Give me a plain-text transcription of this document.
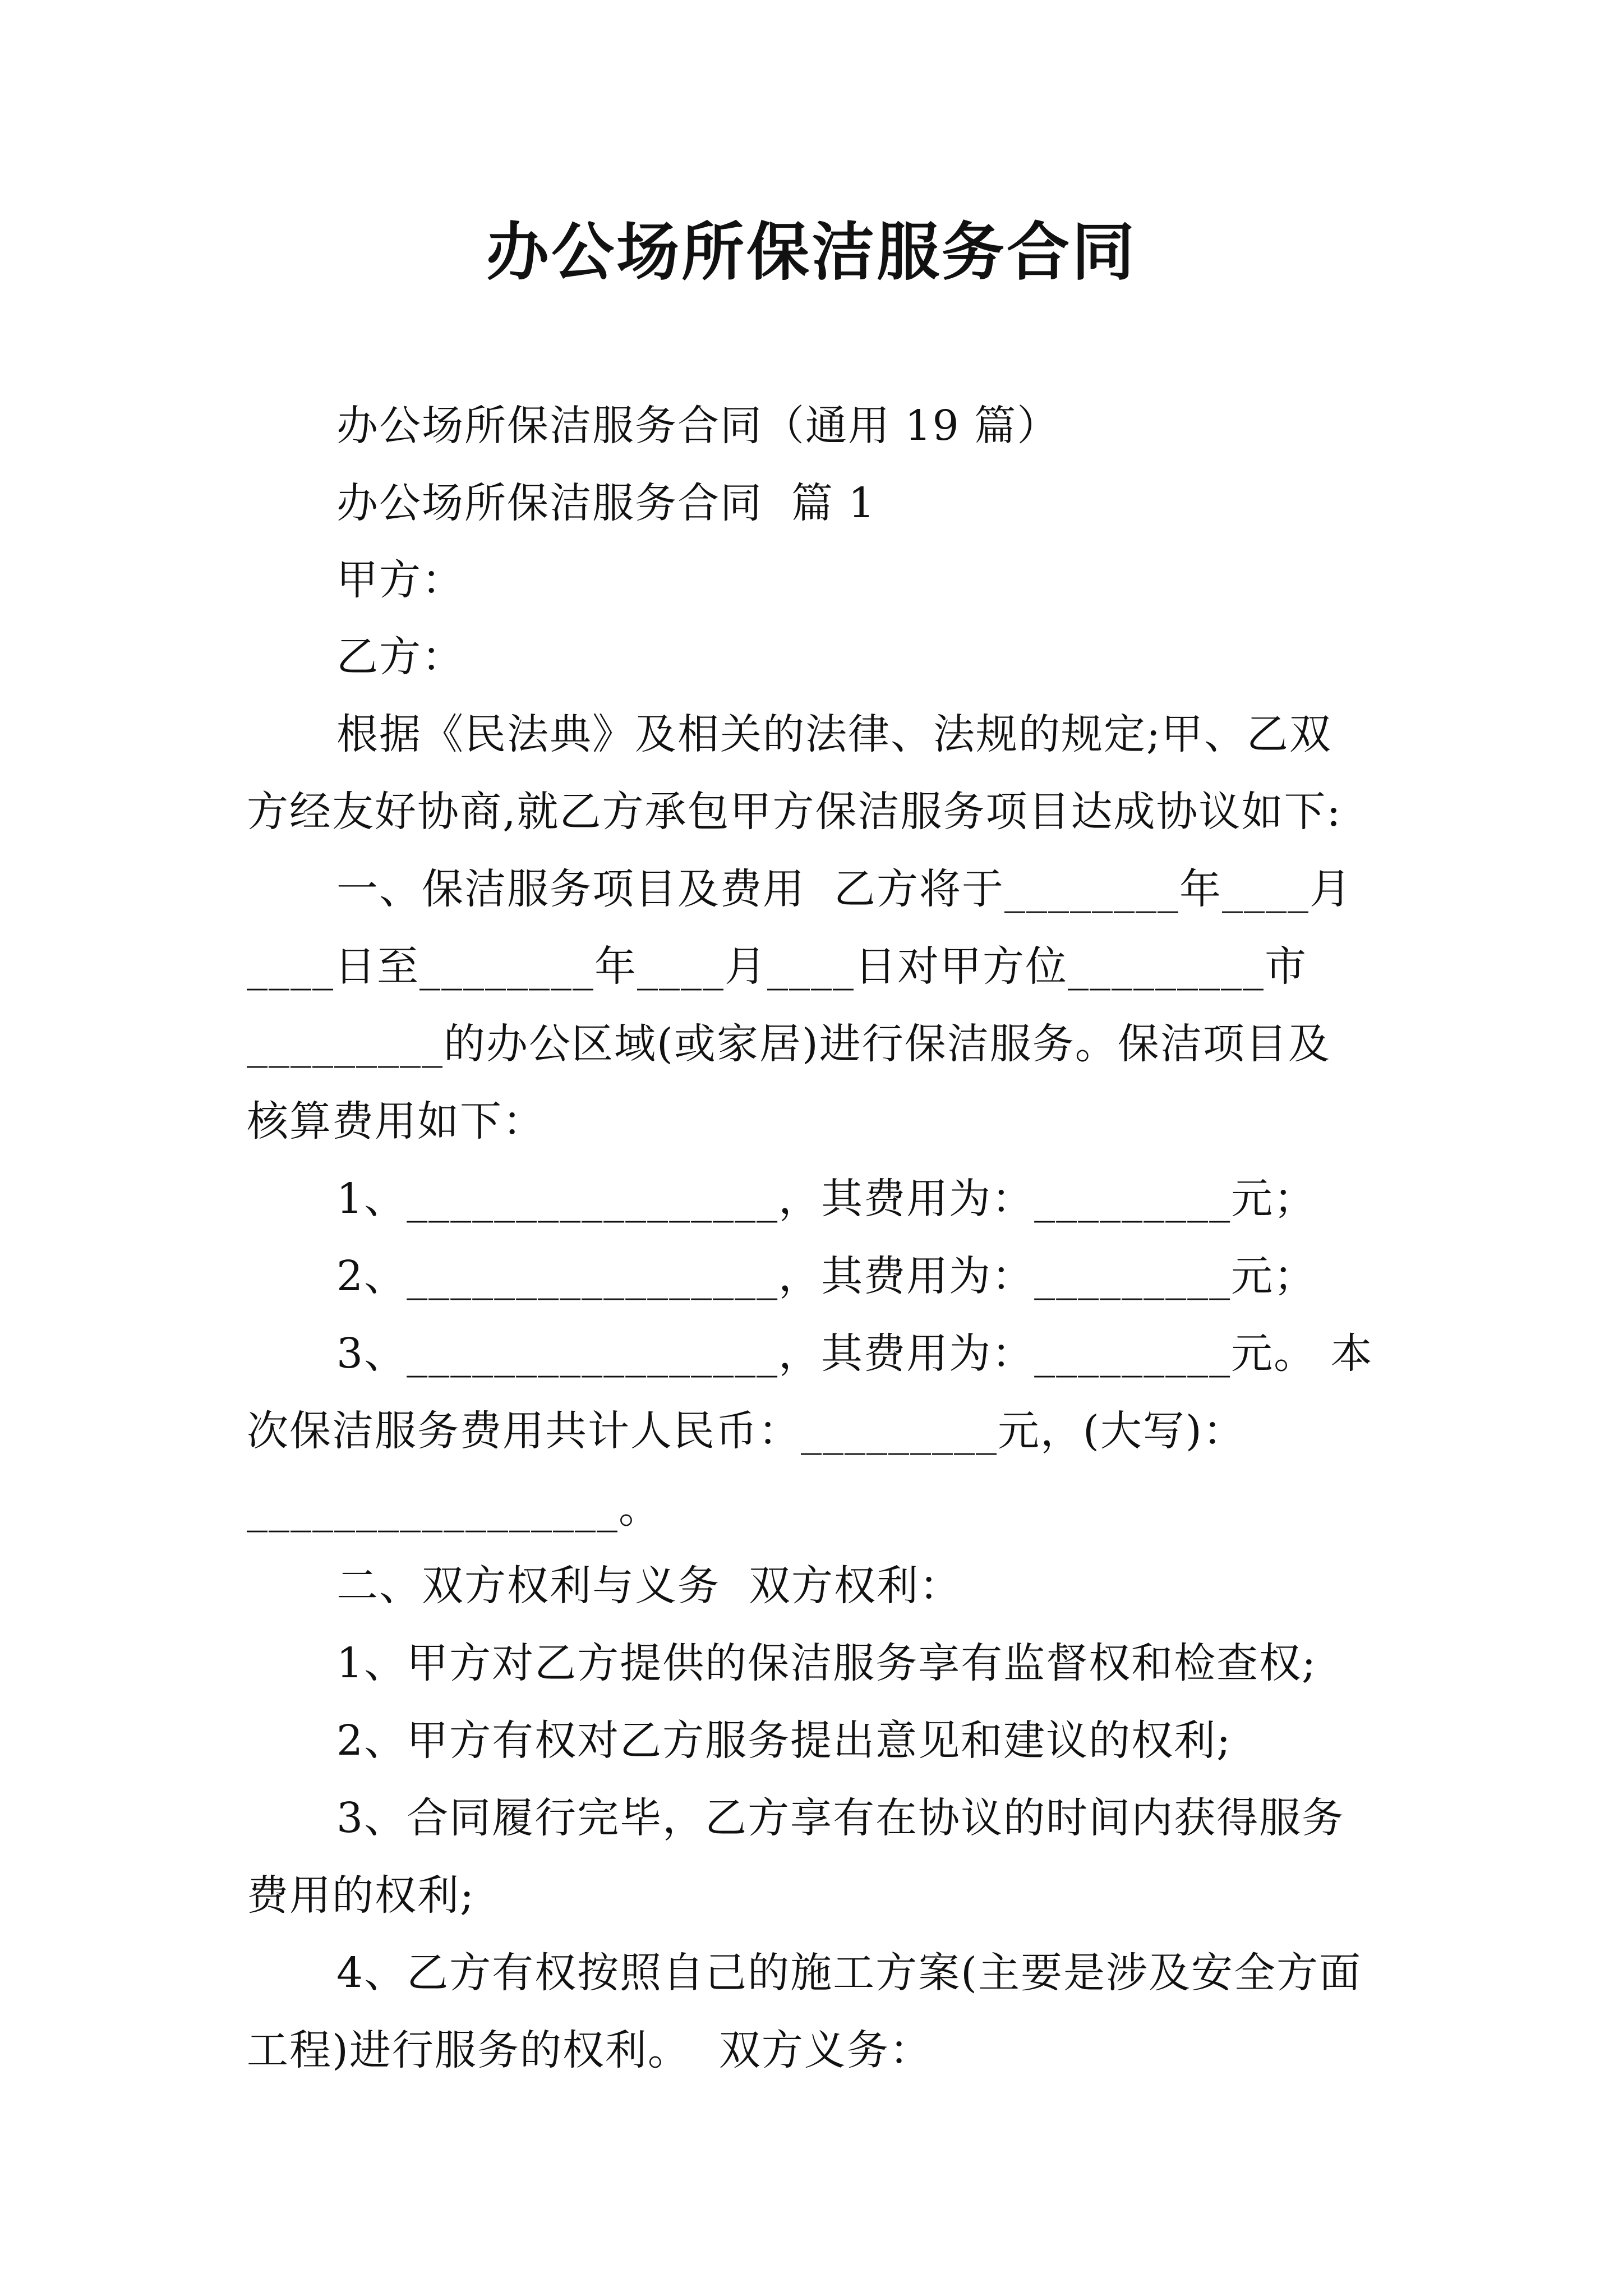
办公场所保洁服务合同
办公场所保洁服务合同（通用 19 篇）
办公场所保洁服务合同  篇 1
甲方：
乙方：
根据《民法典》及相关的法律、法规的规定;甲、乙双
方经友好协商,就乙方承包甲方保洁服务项目达成协议如下:
一、保洁服务项目及费用  乙方将于________年____月
____日至________年____月____日对甲方位_________市
_________的办公区域(或家居)进行保洁服务。保洁项目及
核算费用如下：
1、_________________，其费用为：_________元；
2、_________________，其费用为：_________元；
3、_________________，其费用为：_________元。 本
次保洁服务费用共计人民币：_________元，(大写)：
_________________。
二、双方权利与义务  双方权利：
1、甲方对乙方提供的保洁服务享有监督权和检查权;
2、甲方有权对乙方服务提出意见和建议的权利;
3、合同履行完毕，乙方享有在协议的时间内获得服务
费用的权利;
4、乙方有权按照自己的施工方案(主要是涉及安全方面
工程)进行服务的权利。  双方义务：
